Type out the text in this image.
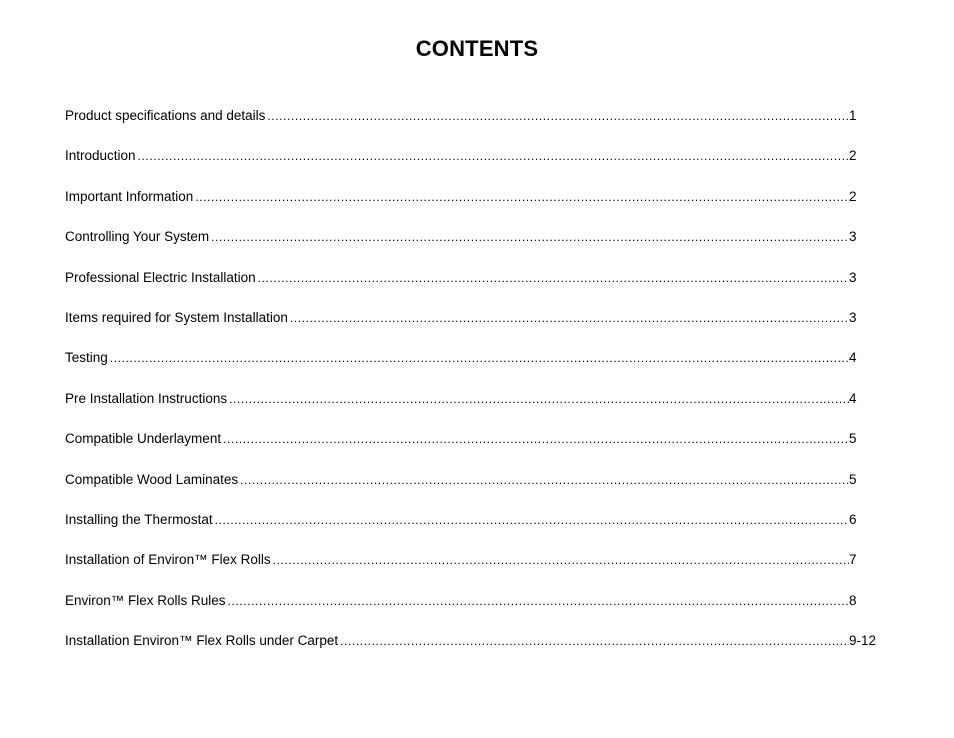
CONTENTS
Product specifications and details .....	1
Introduction .....	2
Important Information .....	2
Controlling Your System .....	3
Professional Electric Installation .....	3
Items required for System Installation .....	3
Testing .....	4
Pre Installation Instructions .....	4
Compatible Underlayment .....	5
Compatible Wood Laminates .....	5
Installing the Thermostat .....	6
Installation of Environ™ Flex Rolls .....	7
Environ™ Flex Rolls Rules .....	8
Installation Environ™ Flex Rolls under Carpet .....	9-12
